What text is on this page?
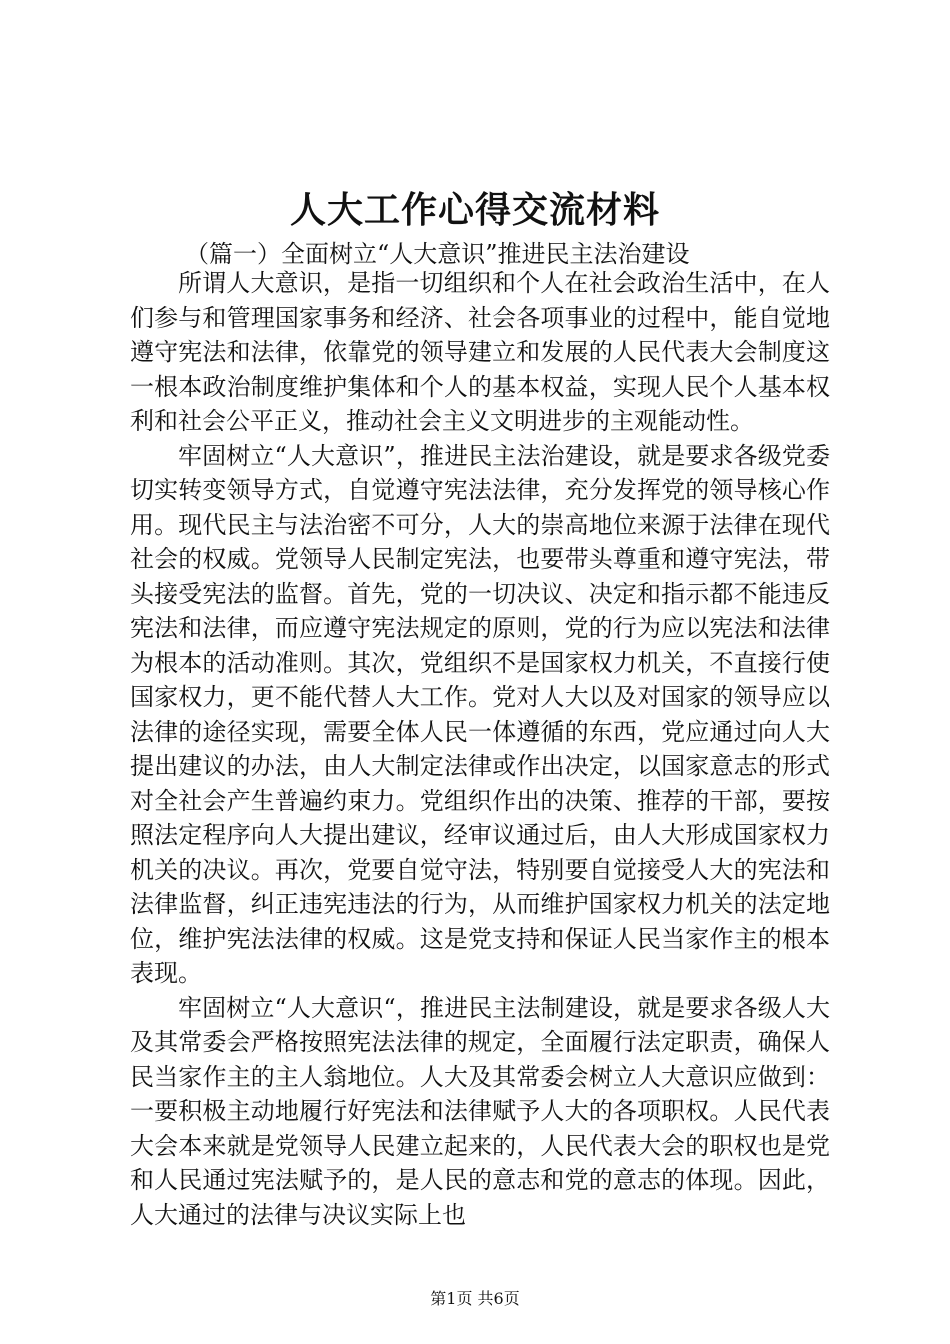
人大工作心得交流材料
（篇一）全面树立“人大意识”推进民主法治建设

所谓人大意识，是指一切组织和个人在社会政治生活中，在人们参与和管理国家事务和经济、社会各项事业的过程中，能自觉地遵守宪法和法律，依靠党的领导建立和发展的人民代表大会制度这一根本政治制度维护集体和个人的基本权益，实现人民个人基本权利和社会公平正义，推动社会主义文明进步的主观能动性。

牢固树立“人大意识”，推进民主法治建设，就是要求各级党委切实转变领导方式，自觉遵守宪法法律，充分发挥党的领导核心作用。现代民主与法治密不可分，人大的崇高地位来源于法律在现代社会的权威。党领导人民制定宪法，也要带头尊重和遵守宪法，带头接受宪法的监督。首先，党的一切决议、决定和指示都不能违反宪法和法律，而应遵守宪法规定的原则，党的行为应以宪法和法律为根本的活动准则。其次，党组织不是国家权力机关，不直接行使国家权力，更不能代替人大工作。党对人大以及对国家的领导应以法律的途径实现，需要全体人民一体遵循的东西，党应通过向人大提出建议的办法，由人大制定法律或作出决定，以国家意志的形式对全社会产生普遍约束力。党组织作出的决策、推荐的干部，要按照法定程序向人大提出建议，经审议通过后，由人大形成国家权力机关的决议。再次，党要自觉守法，特别要自觉接受人大的宪法和法律监督，纠正违宪违法的行为，从而维护国家权力机关的法定地位，维护宪法法律的权威。这是党支持和保证人民当家作主的根本表现。

牢固树立“人大意识“，推进民主法制建设，就是要求各级人大及其常委会严格按照宪法法律的规定，全面履行法定职责，确保人民当家作主的主人翁地位。人大及其常委会树立人大意识应做到：一要积极主动地履行好宪法和法律赋予人大的各项职权。人民代表大会本来就是党领导人民建立起来的，人民代表大会的职权也是党和人民通过宪法赋予的，是人民的意志和党的意志的体现。因此，人大通过的法律与决议实际上也

第1页 共6页
